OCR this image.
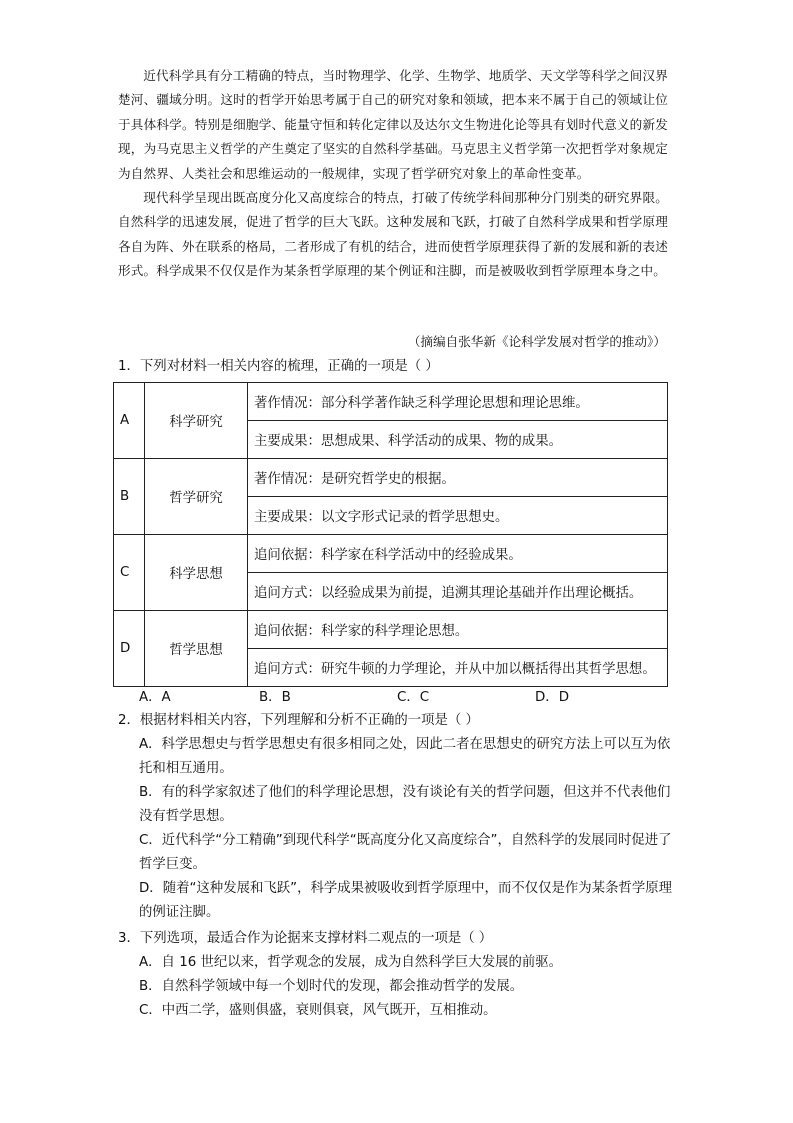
近代科学具有分工精确的特点，当时物理学、化学、生物学、地质学、天文学等科学之间汉界楚河、疆域分明。这时的哲学开始思考属于自己的研究对象和领域，把本来不属于自己的领域让位于具体科学。特别是细胞学、能量守恒和转化定律以及达尔文生物进化论等具有划时代意义的新发现，为马克思主义哲学的产生奠定了坚实的自然科学基础。马克思主义哲学第一次把哲学对象规定为自然界、人类社会和思维运动的一般规律，实现了哲学研究对象上的革命性变革。

现代科学呈现出既高度分化又高度综合的特点，打破了传统学科间那种分门别类的研究界限。自然科学的迅速发展，促进了哲学的巨大飞跃。这种发展和飞跃，打破了自然科学成果和哲学原理各自为阵、外在联系的格局，二者形成了有机的结合，进而使哲学原理获得了新的发展和新的表述形式。科学成果不仅仅是作为某条哲学原理的某个例证和注脚，而是被吸收到哲学原理本身之中。

（摘编自张华新《论科学发展对哲学的推动》）

1．下列对材料一相关内容的梳理，正确的一项是（ ）

A	科学研究	著作情况：部分科学著作缺乏科学理论思想和理论思维。
		主要成果：思想成果、科学活动的成果、物的成果。
B	哲学研究	著作情况：是研究哲学史的根据。
		主要成果：以文字形式记录的哲学思想史。
C	科学思想	追问依据：科学家在科学活动中的经验成果。
		追问方式：以经验成果为前提，追溯其理论基础并作出理论概括。
D	哲学思想	追问依据：科学家的科学理论思想。
		追问方式：研究牛顿的力学理论，并从中加以概括得出其哲学思想。
A．A	B．B	C．C	D．D

2．根据材料相关内容，下列理解和分析不正确的一项是（ ）

A．科学思想史与哲学思想史有很多相同之处，因此二者在思想史的研究方法上可以互为依托和相互通用。

B．有的科学家叙述了他们的科学理论思想，没有谈论有关的哲学问题，但这并不代表他们没有哲学思想。

C．近代科学“分工精确”到现代科学“既高度分化又高度综合”，自然科学的发展同时促进了哲学巨变。

D．随着“这种发展和飞跃”，科学成果被吸收到哲学原理中，而不仅仅是作为某条哲学原理的例证注脚。

3．下列选项，最适合作为论据来支撑材料二观点的一项是（ ）

A．自 16 世纪以来，哲学观念的发展，成为自然科学巨大发展的前驱。

B．自然科学领域中每一个划时代的发现，都会推动哲学的发展。

C．中西二学，盛则俱盛，衰则俱衰，风气既开，互相推动。
